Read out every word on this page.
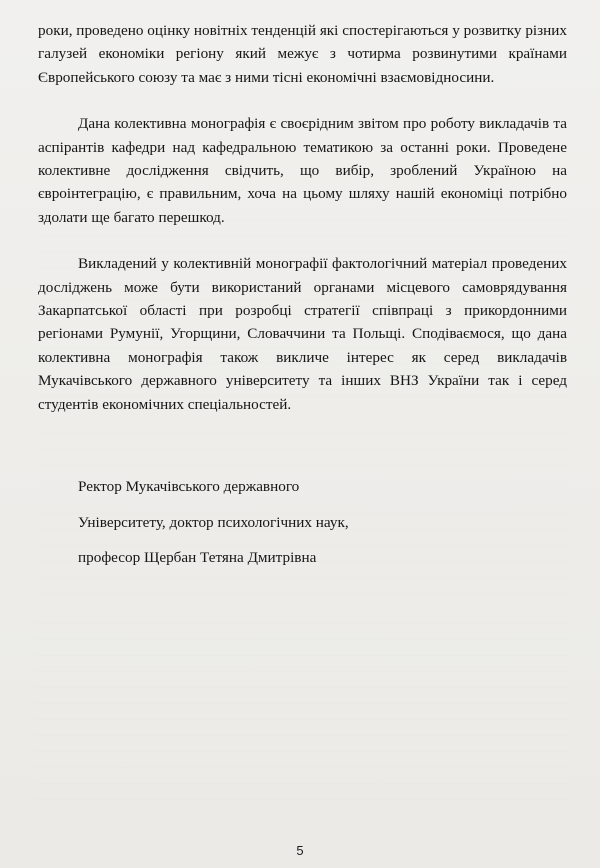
роки, проведено оцінку новітніх тенденцій які спостерігаються у розвитку різних галузей економіки регіону який межує з чотирма розвинутими країнами Європейського союзу та має з ними тісні економічні взаємовідносини.

Дана колективна монографія є своєрідним звітом про роботу викладачів та аспірантів кафедри над кафедральною тематикою за останні роки. Проведене колективне дослідження свідчить, що вибір, зроблений Україною на євроінтеграцію, є правильним, хоча на цьому шляху нашій економіці потрібно здолати ще багато перешкод.

Викладений у колективній монографії фактологічний матеріал проведених досліджень може бути використаний органами місцевого самоврядування Закарпатської області при розробці стратегії співпраці з прикордонними регіонами Румунії, Угорщини, Словаччини та Польщі. Сподіваємося, що дана колективна монографія також викличе інтерес як серед викладачів Мукачівського державного університету та інших ВНЗ України так і серед студентів економічних спеціальностей.

Ректор Мукачівського державного

Університету, доктор психологічних наук,

професор Щербан Тетяна Дмитрівна

5
